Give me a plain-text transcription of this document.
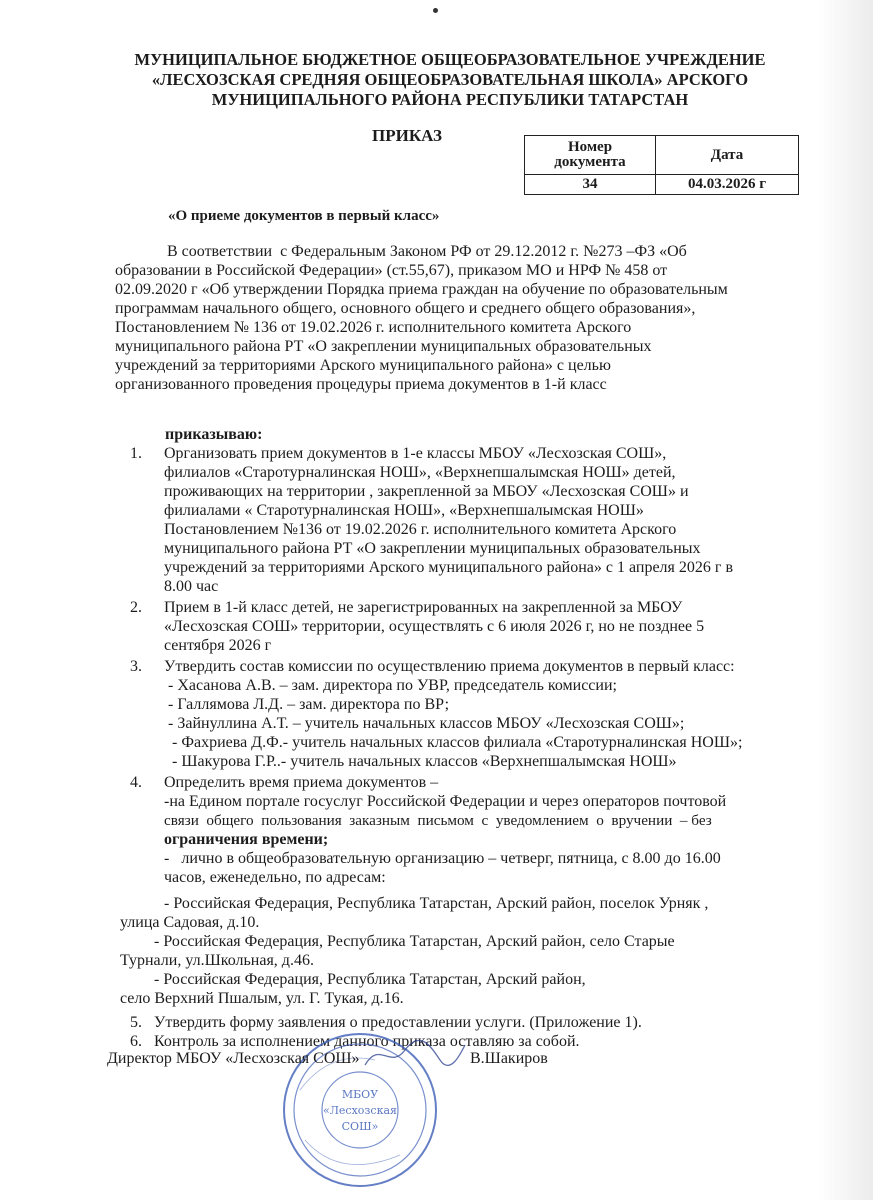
МУНИЦИПАЛЬНОЕ БЮДЖЕТНОЕ ОБЩЕОБРАЗОВАТЕЛЬНОЕ УЧРЕЖДЕНИЕ
«ЛЕСХОЗСКАЯ СРЕДНЯЯ ОБЩЕОБРАЗОВАТЕЛЬНАЯ ШКОЛА» АРСКОГО
МУНИЦИПАЛЬНОГО РАЙОНА РЕСПУБЛИКИ ТАТАРСТАН
ПРИКАЗ
Номер
документа	Дата
34	04.03.2026 г
«О приеме документов в первый класс»
В соответствии  с Федеральным Законом РФ от 29.12.2012 г. №273 –ФЗ «Об
образовании в Российской Федерации» (ст.55,67), приказом МО и НРФ № 458 от
02.09.2020 г «Об утверждении Порядка приема граждан на обучение по образовательным
программам начального общего, основного общего и среднего общего образования»,
Постановлением № 136 от 19.02.2026 г. исполнительного комитета Арского
муниципального района РТ «О закреплении муниципальных образовательных
учреждений за территориями Арского муниципального района» с целью
организованного проведения процедуры приема документов в 1-й класс
приказываю:
1.	Организовать прием документов в 1-е классы МБОУ «Лесхозская СОШ»,
филиалов «Старотурналинская НОШ», «Верхнепшалымская НОШ» детей,
проживающих на территории , закрепленной за МБОУ «Лесхозская СОШ» и
филиалами « Старотурналинская НОШ», «Верхнепшалымская НОШ»
Постановлением №136 от 19.02.2026 г. исполнительного комитета Арского
муниципального района РТ «О закреплении муниципальных образовательных
учреждений за территориями Арского муниципального района» с 1 апреля 2026 г в
8.00 час
2.	Прием в 1-й класс детей, не зарегистрированных на закрепленной за МБОУ
«Лесхозская СОШ» территории, осуществлять с 6 июля 2026 г, но не позднее 5
сентября 2026 г
3.	Утвердить состав комиссии по осуществлению приема документов в первый класс:
- Хасанова А.В. – зам. директора по УВР, председатель комиссии;
- Галлямова Л.Д. – зам. директора по ВР;
- Зайнуллина А.Т. – учитель начальных классов МБОУ «Лесхозская СОШ»;
- Фахриева Д.Ф.- учитель начальных классов филиала «Старотурналинская НОШ»;
- Шакурова Г.Р..- учитель начальных классов «Верхнепшалымская НОШ»
4.	Определить время приема документов –
-на Едином портале госуслуг Российской Федерации и через операторов почтовой
связи  общего  пользования  заказным  письмом  с  уведомлением  о  вручении  – без
ограничения времени;
-   лично в общеобразовательную организацию – четверг, пятница, с 8.00 до 16.00
часов, еженедельно, по адресам:
- Российская Федерация, Республика Татарстан, Арский район, поселок Урняк ,
улица Садовая, д.10.
- Российская Федерация, Республика Татарстан, Арский район, село Старые
Турнали, ул.Школьная, д.46.
- Российская Федерация, Республика Татарстан, Арский район,
село Верхний Пшалым, ул. Г. Тукая, д.16.
5. Утвердить форму заявления о предоставлении услуги. (Приложение 1).
6. Контроль за исполнением данного приказа оставляю за собой.
МБОУ
«Лесхозская
СОШ»
Директор МБОУ «Лесхозская СОШ»	В.Шакиров
